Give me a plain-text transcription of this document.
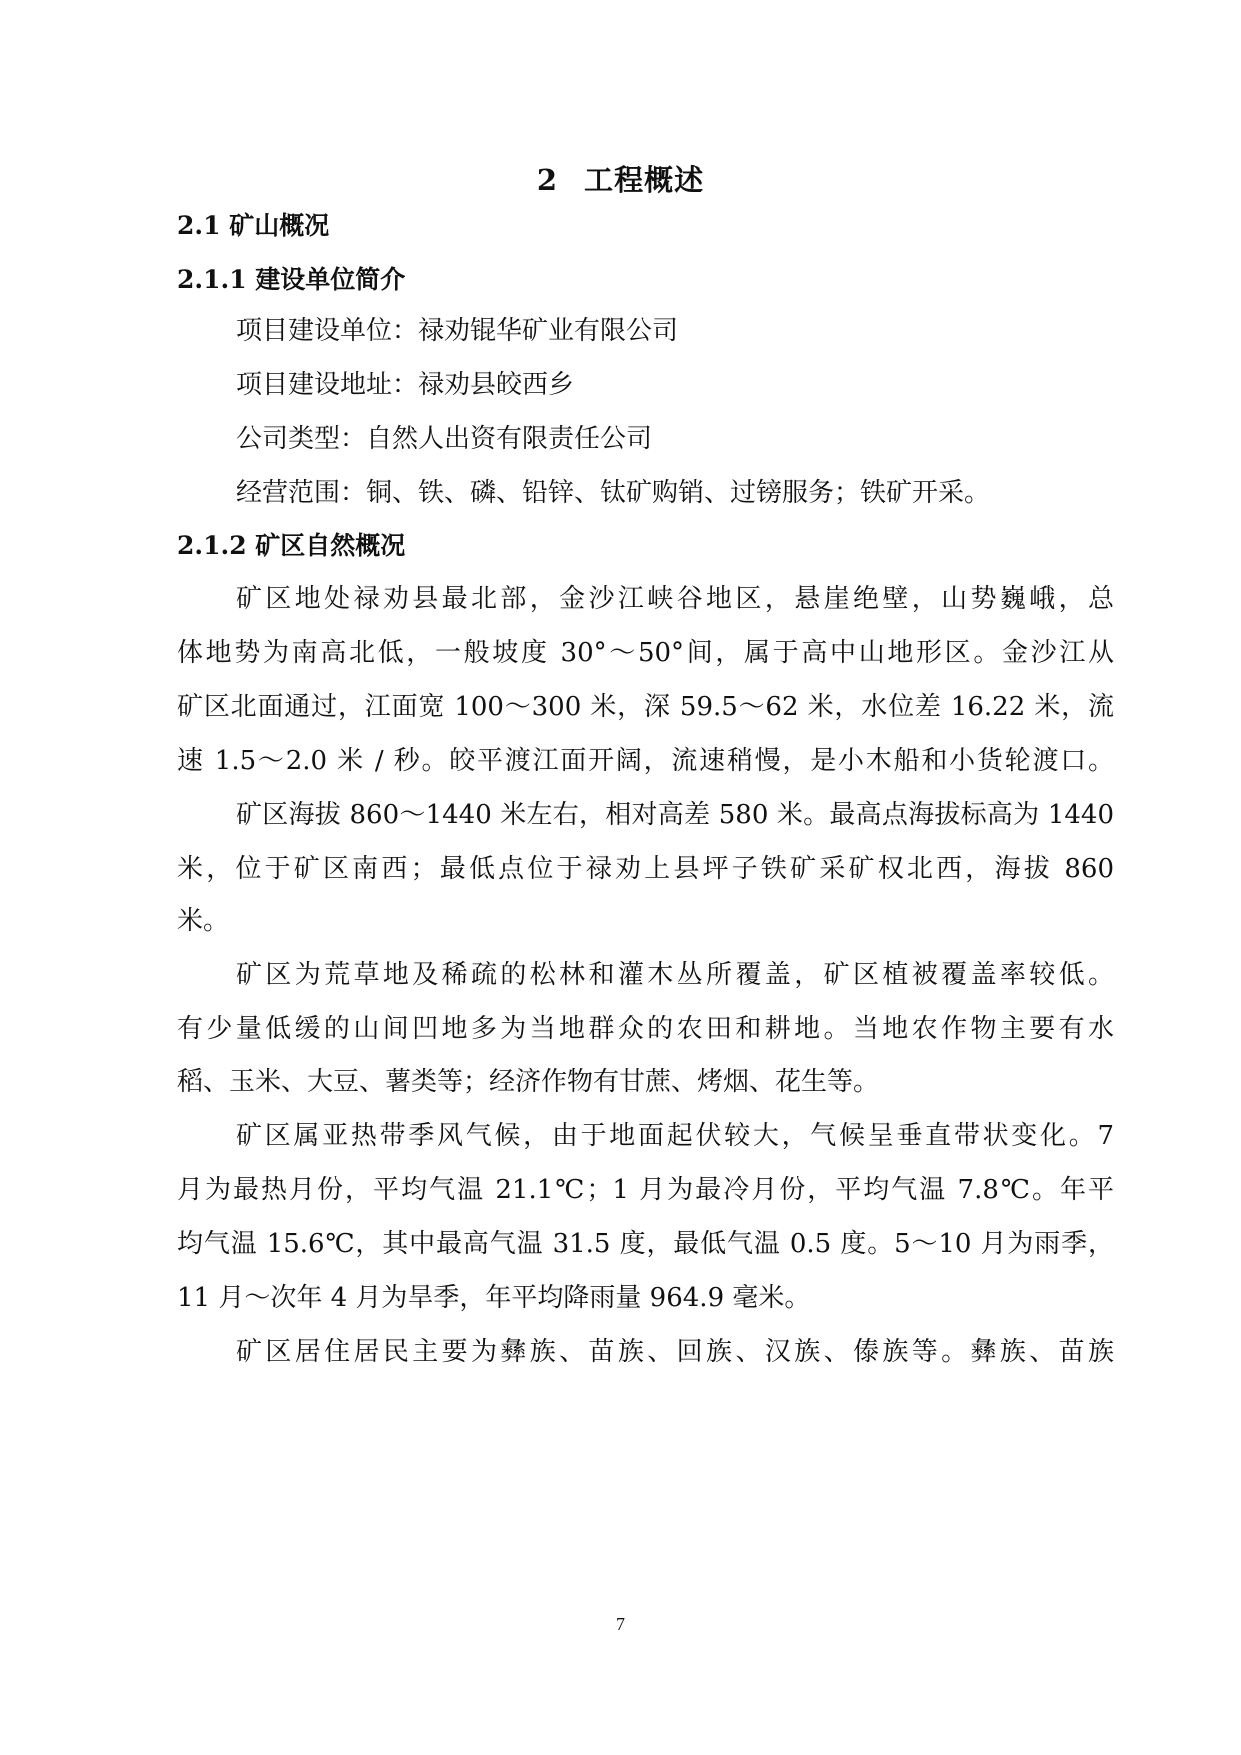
2 工程概述
2.1 矿山概况
2.1.1 建设单位简介
项目建设单位：禄劝锟华矿业有限公司
项目建设地址：禄劝县皎西乡
公司类型：自然人出资有限责任公司
经营范围：铜、铁、磷、铅锌、钛矿购销、过镑服务；铁矿开采。
2.1.2 矿区自然概况
矿区地处禄劝县最北部，金沙江峡谷地区，悬崖绝壁，山势巍峨，总
体地势为南高北低，一般坡度 30°～50°间，属于高中山地形区。金沙江从
矿区北面通过，江面宽 100～300 米，深 59.5～62 米，水位差 16.22 米，流
速 1.5～2.0 米 / 秒。皎平渡江面开阔，流速稍慢，是小木船和小货轮渡口。
矿区海拔 860～1440 米左右，相对高差 580 米。最高点海拔标高为 1440
米，位于矿区南西；最低点位于禄劝上县坪子铁矿采矿权北西，海拔 860
米。
矿区为荒草地及稀疏的松林和灌木丛所覆盖，矿区植被覆盖率较低。
有少量低缓的山间凹地多为当地群众的农田和耕地。当地农作物主要有水
稻、玉米、大豆、薯类等；经济作物有甘蔗、烤烟、花生等。
矿区属亚热带季风气候，由于地面起伏较大，气候呈垂直带状变化。7
月为最热月份，平均气温 21.1℃；1 月为最冷月份，平均气温 7.8℃。年平
均气温 15.6℃，其中最高气温 31.5 度，最低气温 0.5 度。5～10 月为雨季，
11 月～次年 4 月为旱季，年平均降雨量 964.9 毫米。
矿区居住居民主要为彝族、苗族、回族、汉族、傣族等。彝族、苗族
7
